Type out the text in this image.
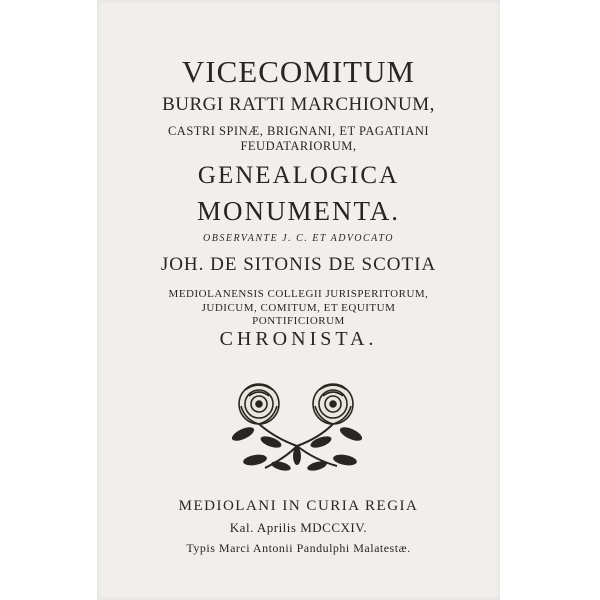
VICECOMITUM
BURGI RATTI MARCHIONUM,
CASTRI SPINÆ, BRIGNANI, ET PAGATIANI
FEUDATARIORUM,
GENEALOGICA
MONUMENTA.
OBSERVANTE J. C. ET ADVOCATO
JOH. DE SITONIS DE SCOTIA
MEDIOLANENSIS COLLEGII JURISPERITORUM,
JUDICUM, COMITUM, ET EQUITUM
PONTIFICIORUM
CHRONISTA.
MEDIOLANI IN CURIA REGIA
Kal. Aprilis MDCCXIV.
Typis Marci Antonii Pandulphi Malatestæ.
